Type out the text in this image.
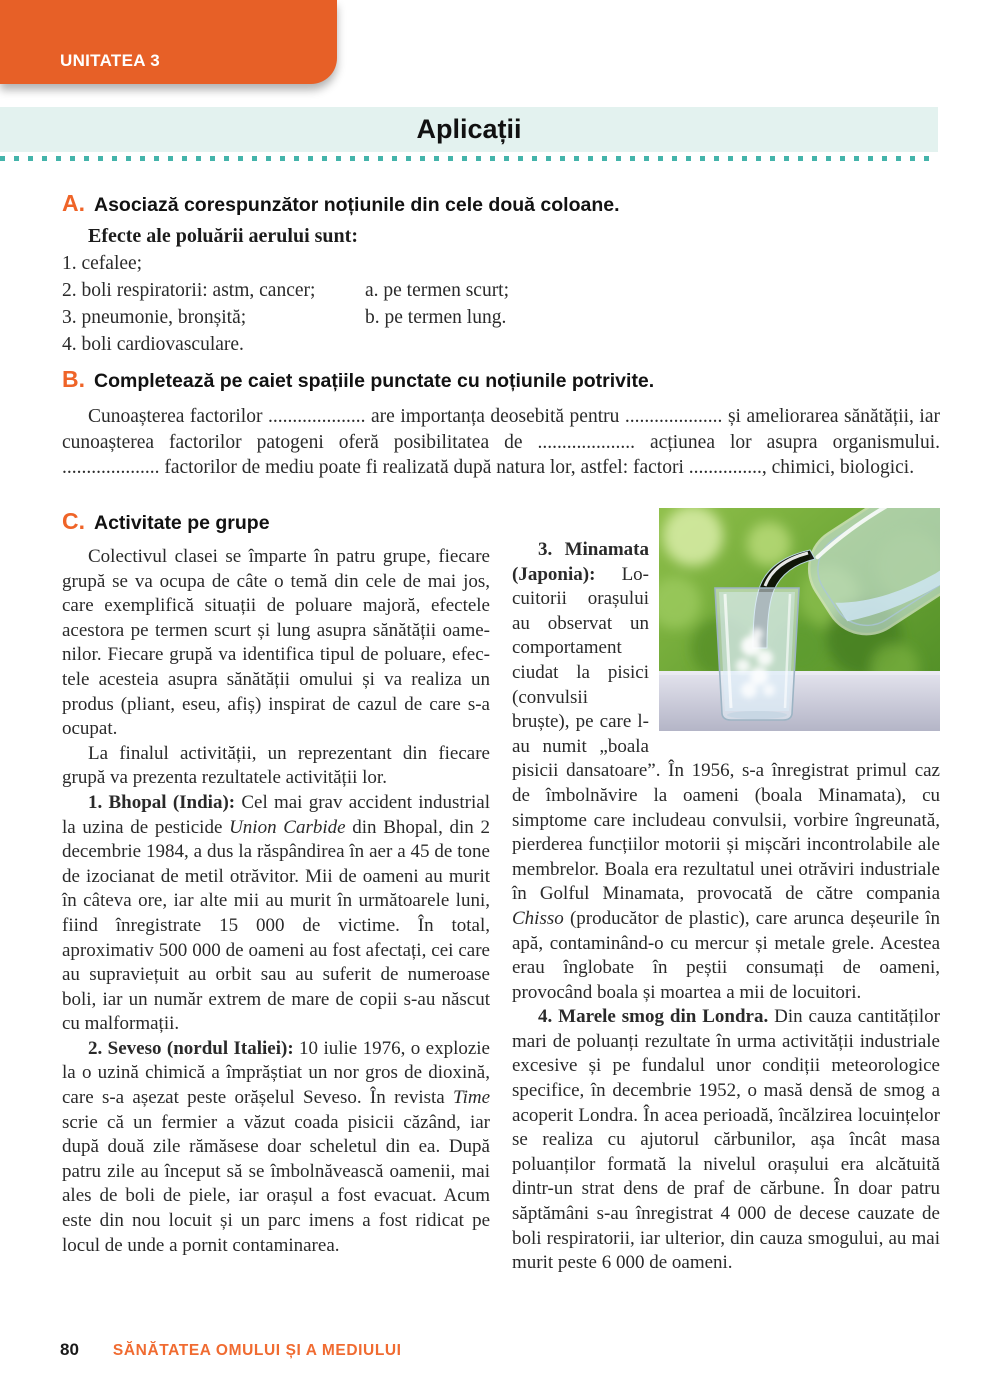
UNITATEA 3
Aplicații
A. Asociază corespunzător noțiunile din cele două coloane.
Efecte ale poluării aerului sunt:
1. cefalee;
2. boli respiratorii: astm, cancer;	a. pe termen scurt;
3. pneumonie, bronșită;	b. pe termen lung.
4. boli cardiovasculare.
B. Completează pe caiet spațiile punctate cu noțiunile potrivite.

Cunoașterea factorilor .................... are importanța deosebită pentru .................... și ameliorarea sănătății, iar cunoașterea factorilor patogeni oferă posibilitatea de .................... acțiunea lor asupra organismului. .................... factorilor de mediu poate fi realizată după natura lor, astfel: factori ..............., chimici, biologici.

C. Activitate pe grupe

Colectivul clasei se împarte în patru grupe, fiecare grupă se va ocupa de câte o temă din cele de mai jos, care exemplifică situații de poluare majoră, efectele acestora pe termen scurt și lung asupra sănătății oamenilor. Fiecare grupă va identifica tipul de poluare, efectele acesteia asupra sănătății omului și va realiza un produs (pliant, eseu, afiș) inspirat de cazul de care s-a ocupat.

La finalul activității, un reprezentant din fiecare grupă va prezenta rezultatele activității lor.

1. Bhopal (India): Cel mai grav accident industrial la uzina de pesticide Union Carbide din Bhopal, din 2 decembrie 1984, a dus la răspândirea în aer a 45 de tone de izocianat de metil otrăvitor. Mii de oameni au murit în câteva ore, iar alte mii au murit în următoarele luni, fiind înregistrate 15 000 de victime. În total, aproximativ 500 000 de oameni au fost afectați, cei care au supraviețuit au orbit sau au suferit de numeroase boli, iar un număr extrem de mare de copii s-au născut cu malformații.

2. Seveso (nordul Italiei): 10 iulie 1976, o explozie la o uzină chimică a împrăștiat un nor gros de dioxină, care s-a așezat peste orășelul Seveso. În revista Time scrie că un fermier a văzut coada pisicii căzând, iar după două zile rămăsese doar scheletul din ea. După patru zile au început să se îmbolnăvească oamenii, mai ales de boli de piele, iar orașul a fost evacuat. Acum este din nou locuit și un parc imens a fost ridicat pe locul de unde a pornit contaminarea.

3. Minamata (Japonia): Locuitorii orașului au observat un comportament ciudat la pisici (convulsii bruște), pe care l-au numit „boala pisicii dansatoare”. În 1956, s-a înregistrat primul caz de îmbolnăvire la oameni (boala Minamata), cu simptome care includeau convulsii, vorbire îngreunată, pierderea funcțiilor motorii și mișcări incontrolabile ale membrelor. Boala era rezultatul unei otrăviri industriale în Golful Minamata, provocată de către compania Chisso (producător de plastic), care arunca deșeurile în apă, contaminând-o cu mercur și metale grele. Acestea erau înglobate în peștii consumați de oameni, provocând boala și moartea a mii de locuitori.

4. Marele smog din Londra. Din cauza cantităților mari de poluanți rezultate în urma activității industriale excesive și pe fundalul unor condiții meteorologice specifice, în decembrie 1952, o masă densă de smog a acoperit Londra. În acea perioadă, încălzirea locuințelor se realiza cu ajutorul cărbunilor, așa încât masa poluanților formată la nivelul orașului era alcătuită dintr-un strat dens de praf de cărbune. În doar patru săptămâni s-au înregistrat 4 000 de decese cauzate de boli respiratorii, iar ulterior, din cauza smogului, au mai murit peste 6 000 de oameni.

80 SĂNĂTATEA OMULUI ȘI A MEDIULUI
